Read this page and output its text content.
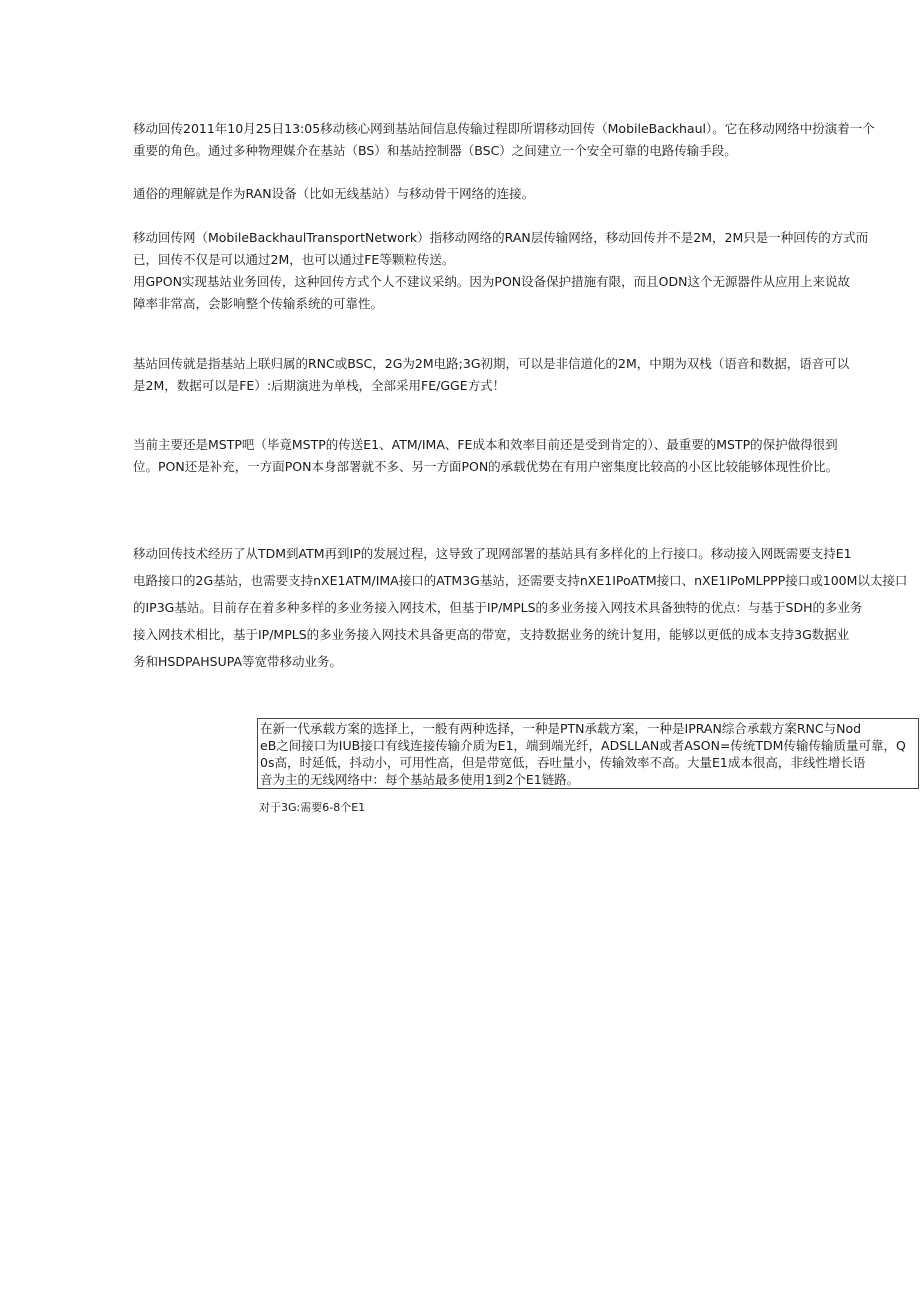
移动回传2011年10月25日13:05移动核心网到基站间信息传输过程即所谓移动回传（MobileBackhaul）。它在移动网络中扮演着一个
重要的角色。通过多种物理媒介在基站（BS）和基站控制器（BSC）之间建立一个安全可靠的电路传输手段。

通俗的理解就是作为RAN设备（比如无线基站）与移动骨干网络的连接。

移动回传网（MobileBackhaulTransportNetwork）指移动网络的RAN层传输网络，移动回传并不是2M，2M只是一种回传的方式而
已，回传不仅是可以通过2M，也可以通过FE等颗粒传送。
用GPON实现基站业务回传，这种回传方式个人不建议采纳。因为PON设备保护措施有限，而且ODN这个无源器件从应用上来说故
障率非常高，会影响整个传输系统的可靠性。

基站回传就是指基站上联归属的RNC或BSC，2G为2M电路;3G初期，可以是非信道化的2M，中期为双栈（语音和数据，语音可以
是2M，数据可以是FE）:后期演进为单栈，全部采用FE/GGE方式！

当前主要还是MSTP吧（毕竟MSTP的传送E1、ATM/IMA、FE成本和效率目前还是受到肯定的）、最重要的MSTP的保护做得很到
位。PON还是补充，一方面PON本身部署就不多、另一方面PON的承载优势在有用户密集度比较高的小区比较能够体现性价比。

移动回传技术经历了从TDM到ATM再到IP的发展过程，这导致了现网部署的基站具有多样化的上行接口。移动接入网既需要支持E1
电路接口的2G基站，也需要支持nXE1ATM/IMA接口的ATM3G基站，还需要支持nXE1IPoATM接口、nXE1IPoMLPPP接口或100M以太接口
的IP3G基站。目前存在着多种多样的多业务接入网技术，但基于IP/MPLS的多业务接入网技术具备独特的优点：与基于SDH的多业务
接入网技术相比，基于IP/MPLS的多业务接入网技术具备更高的带宽，支持数据业务的统计复用，能够以更低的成本支持3G数据业
务和HSDPAHSUPA等宽带移动业务。

在新一代承载方案的选择上，一般有两种选择，一种是PTN承载方案，一种是IPRAN综合承载方案RNC与Nod
eB之间接口为IUB接口有线连接传输介质为E1，端到端光纤，ADSLLAN或者ASON=传统TDM传输传输质量可靠，Q
0s高，时延低，抖动小，可用性高，但是带宽低，吞吐量小，传输效率不高。大量E1成本很高，非线性增长语
音为主的无线网络中：每个基站最多使用1到2个E1链路。
对于3G:需要6-8个E1
